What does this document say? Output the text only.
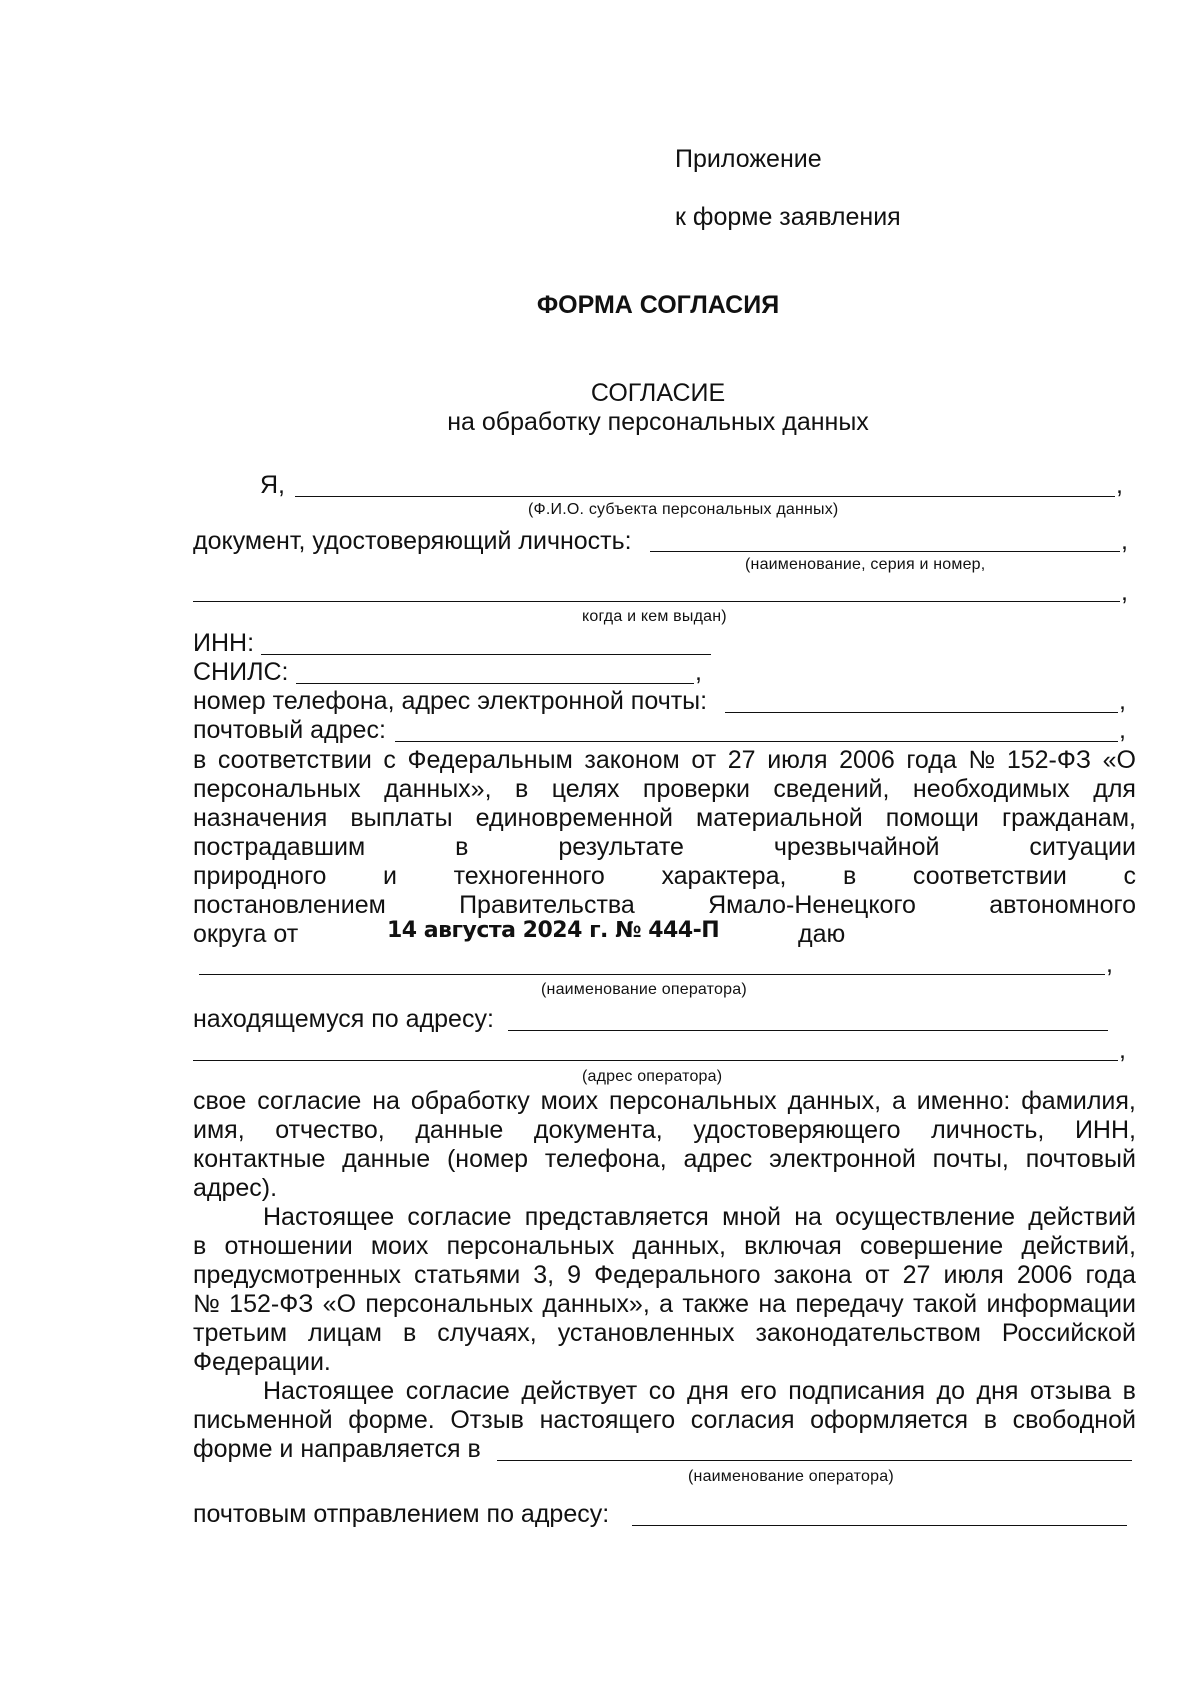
Приложение
к форме заявления
ФОРМА СОГЛАСИЯ
СОГЛАСИЕ
на обработку персональных данных
Я,	,
(Ф.И.О. субъекта персональных данных)
документ, удостоверяющий личность:	,
(наименование, серия и номер,
,
когда и кем выдан)
ИНН:
СНИЛС:	,
номер телефона, адрес электронной почты:	,
почтовый адрес:	,
в соответствии с Федеральным законом от 27 июля 2006 года № 152-ФЗ «О
персональных данных», в целях проверки сведений, необходимых для
назначения выплаты единовременной материальной помощи гражданам,
пострадавшим	в	результате	чрезвычайной	ситуации
природного и техногенного характера, в соответствии с
постановлением	Правительства	Ямало-Ненецкого	автономного
округа от	14 августа 2024 г. № 444-П	даю
,
(наименование оператора)
находящемуся по адресу:
,
(адрес оператора)
свое согласие на обработку моих персональных данных, а именно: фамилия,
имя, отчество, данные документа, удостоверяющего личность, ИНН,
контактные данные (номер телефона, адрес электронной почты, почтовый
адрес).
Настоящее согласие представляется мной на осуществление действий
в отношении моих персональных данных, включая совершение действий,
предусмотренных статьями 3, 9 Федерального закона от 27 июля 2006 года
№ 152-ФЗ «О персональных данных», а также на передачу такой информации
третьим лицам в случаях, установленных законодательством Российской
Федерации.
Настоящее согласие действует со дня его подписания до дня отзыва в
письменной форме. Отзыв настоящего согласия оформляется в свободной
форме и направляется в
(наименование оператора)
почтовым отправлением по адресу:
